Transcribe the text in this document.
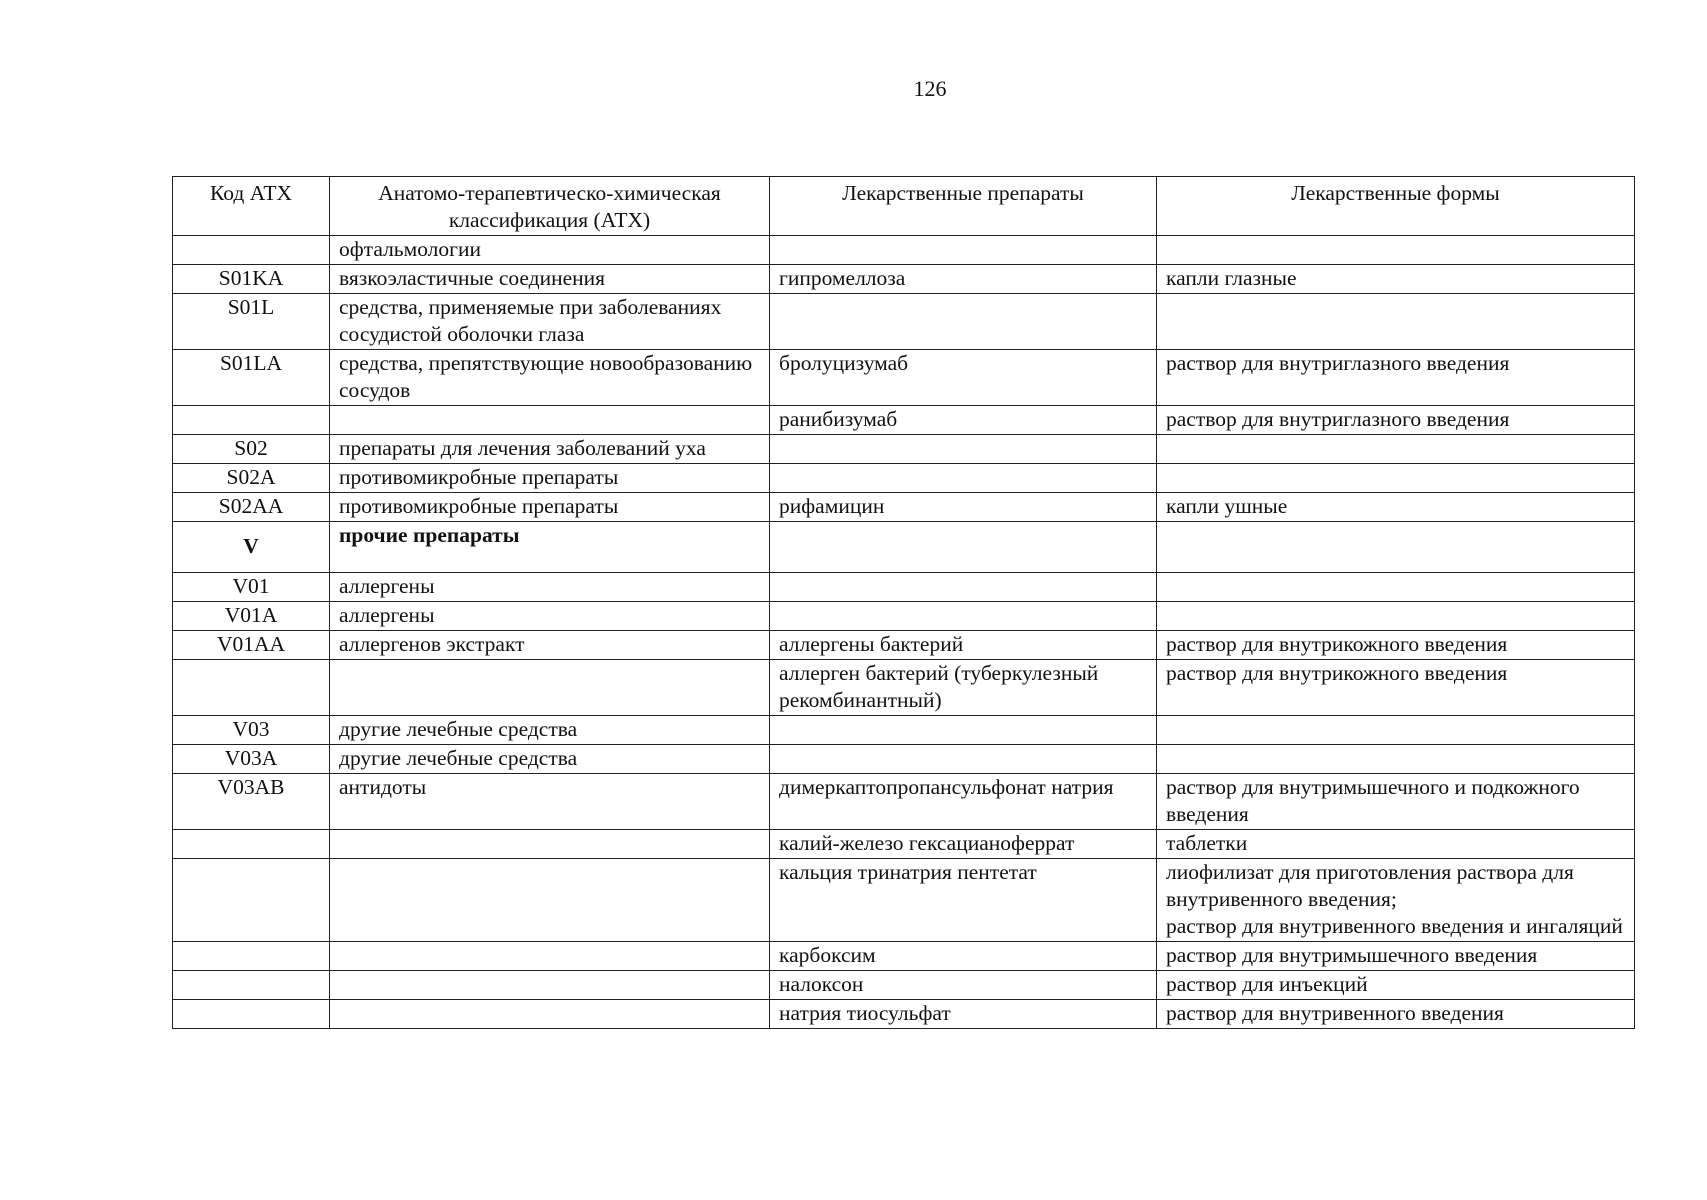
126
Код АТХ	Анатомо-терапевтическо-химическая классификация (АТХ)	Лекарственные препараты	Лекарственные формы
	офтальмологии		
S01KA	вязкоэластичные соединения	гипромеллоза	капли глазные
S01L	средства, применяемые при заболеваниях сосудистой оболочки глаза		
S01LA	средства, препятствующие новообразованию сосудов	бролуцизумаб	раствор для внутриглазного введения
		ранибизумаб	раствор для внутриглазного введения
S02	препараты для лечения заболеваний уха		
S02A	противомикробные препараты		
S02AA	противомикробные препараты	рифамицин	капли ушные
V	прочие препараты		
V01	аллергены		
V01A	аллергены		
V01AA	аллергенов экстракт	аллергены бактерий	раствор для внутрикожного введения
		аллерген бактерий (туберкулезный рекомбинантный)	раствор для внутрикожного введения
V03	другие лечебные средства		
V03A	другие лечебные средства		
V03AB	антидоты	димеркаптопропансульфонат натрия	раствор для внутримышечного и подкожного введения
		калий-железо гексацианоферрат	таблетки
		кальция тринатрия пентетат	лиофилизат для приготовления раствора для внутривенного введения;
раствор для внутривенного введения и ингаляций
		карбоксим	раствор для внутримышечного введения
		налоксон	раствор для инъекций
		натрия тиосульфат	раствор для внутривенного введения
